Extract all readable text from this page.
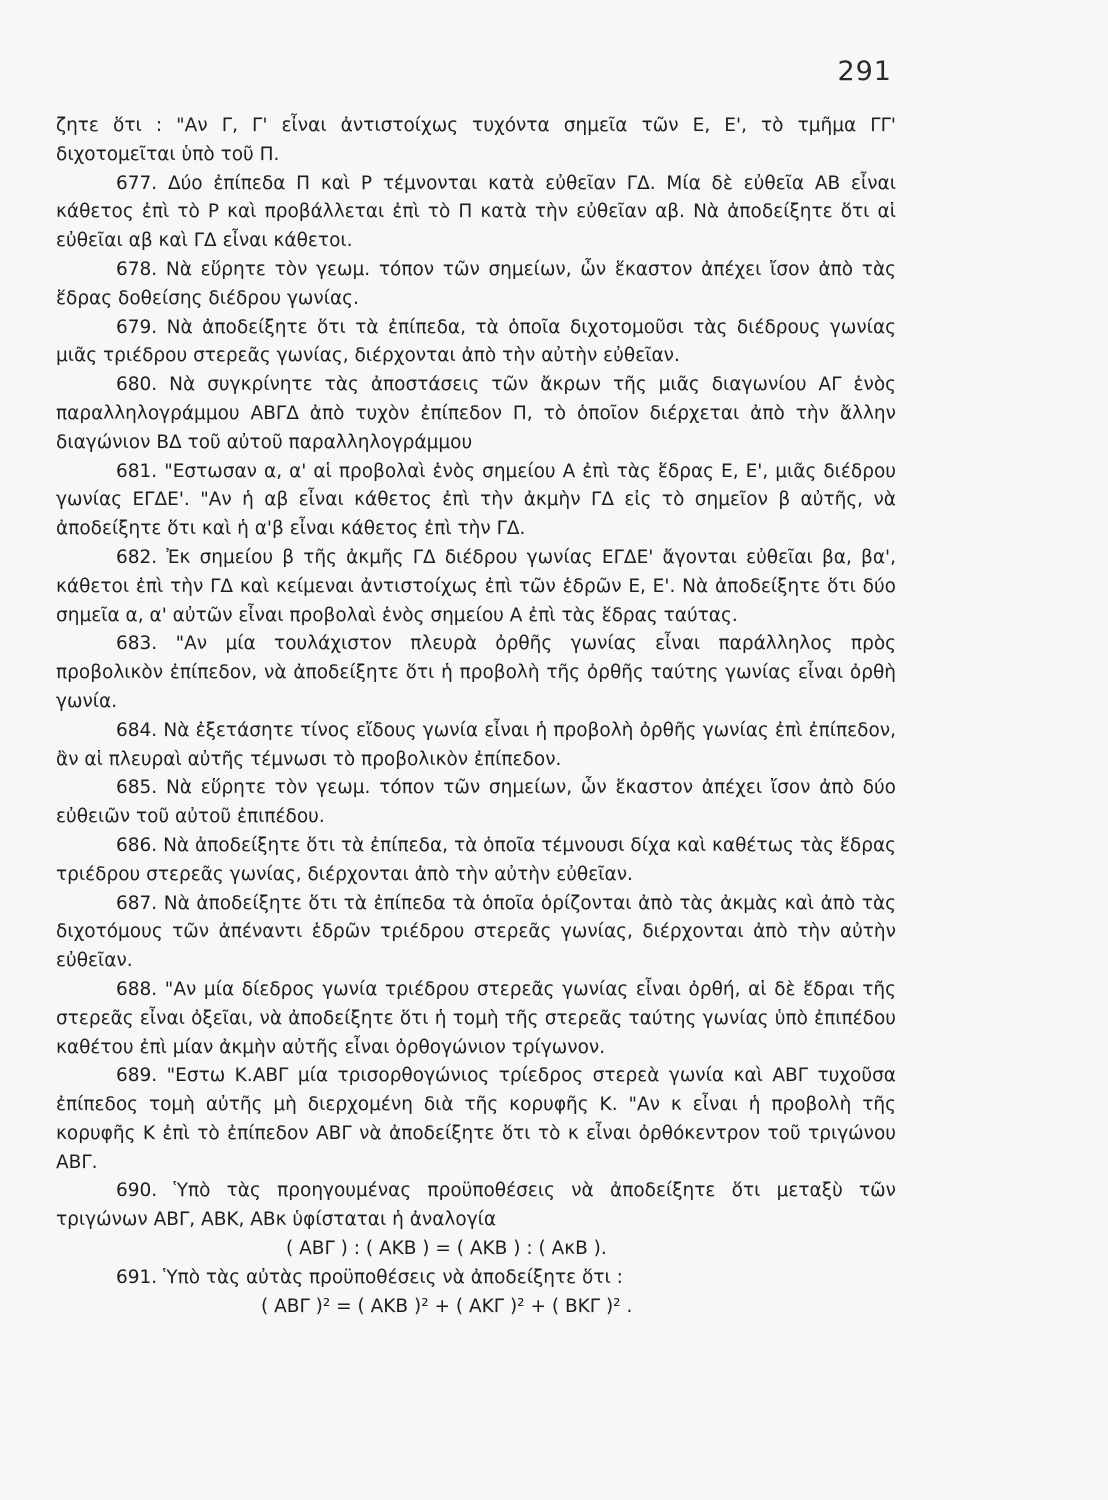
291

ζητε ὅτι : "Αν Γ, Γ' εἶναι ἀντιστοίχως τυχόντα σημεῖα τῶν Ε, Ε', τὸ τμῆμα ΓΓ' διχοτομεῖται ὑπὸ τοῦ Π.

677. Δύο ἐπίπεδα Π καὶ Ρ τέμνονται κατὰ εὐθεῖαν ΓΔ. Μία δὲ εὐθεῖα ΑΒ εἶναι κάθετος ἐπὶ τὸ Ρ καὶ προβάλλεται ἐπὶ τὸ Π κατὰ τὴν εὐθεῖαν αβ. Νὰ ἀποδείξητε ὅτι αἱ εὐθεῖαι αβ καὶ ΓΔ εἶναι κάθετοι.

678. Νὰ εὕρητε τὸν γεωμ. τόπον τῶν σημείων, ὧν ἕκαστον ἀπέχει ἴσον ἀπὸ τὰς ἕδρας δοθείσης διέδρου γωνίας.

679. Νὰ ἀποδείξητε ὅτι τὰ ἐπίπεδα, τὰ ὁποῖα διχοτομοῦσι τὰς διέδρους γωνίας μιᾶς τριέδρου στερεᾶς γωνίας, διέρχονται ἀπὸ τὴν αὐτὴν εὐθεῖαν.

680. Νὰ συγκρίνητε τὰς ἀποστάσεις τῶν ἄκρων τῆς μιᾶς διαγωνίου ΑΓ ἑνὸς παραλληλογράμμου ΑΒΓΔ ἀπὸ τυχὸν ἐπίπεδον Π, τὸ ὁποῖον διέρχεται ἀπὸ τὴν ἄλλην διαγώνιον ΒΔ τοῦ αὐτοῦ παραλληλογράμμου

681. "Εστωσαν α, α' αἱ προβολαὶ ἑνὸς σημείου Α ἐπὶ τὰς ἕδρας Ε, Ε', μιᾶς διέδρου γωνίας ΕΓΔΕ'. "Αν ἡ αβ εἶναι κάθετος ἐπὶ τὴν ἀκμὴν ΓΔ εἰς τὸ σημεῖον β αὐτῆς, νὰ ἀποδείξητε ὅτι καὶ ἡ α'β εἶναι κάθετος ἐπὶ τὴν ΓΔ.

682. Ἐκ σημείου β τῆς ἀκμῆς ΓΔ διέδρου γωνίας ΕΓΔΕ' ἄγονται εὐθεῖαι βα, βα', κάθετοι ἐπὶ τὴν ΓΔ καὶ κείμεναι ἀντιστοίχως ἐπὶ τῶν ἑδρῶν Ε, Ε'. Νὰ ἀποδείξητε ὅτι δύο σημεῖα α, α' αὐτῶν εἶναι προβολαὶ ἑνὸς σημείου Α ἐπὶ τὰς ἕδρας ταύτας.

683. "Αν μία τουλάχιστον πλευρὰ ὀρθῆς γωνίας εἶναι παράλληλος πρὸς προβολικὸν ἐπίπεδον, νὰ ἀποδείξητε ὅτι ἡ προβολὴ τῆς ὀρθῆς ταύτης γωνίας εἶναι ὀρθὴ γωνία.

684. Νὰ ἐξετάσητε τίνος εἴδους γωνία εἶναι ἡ προβολὴ ὀρθῆς γωνίας ἐπὶ ἐπίπεδον, ἂν αἱ πλευραὶ αὐτῆς τέμνωσι τὸ προβολικὸν ἐπίπεδον.

685. Νὰ εὕρητε τὸν γεωμ. τόπον τῶν σημείων, ὧν ἕκαστον ἀπέχει ἴσον ἀπὸ δύο εὐθειῶν τοῦ αὐτοῦ ἐπιπέδου.

686. Νὰ ἀποδείξητε ὅτι τὰ ἐπίπεδα, τὰ ὁποῖα τέμνουσι δίχα καὶ καθέτως τὰς ἕδρας τριέδρου στερεᾶς γωνίας, διέρχονται ἀπὸ τὴν αὐτὴν εὐθεῖαν.

687. Νὰ ἀποδείξητε ὅτι τὰ ἐπίπεδα τὰ ὁποῖα ὁρίζονται ἀπὸ τὰς ἀκμὰς καὶ ἀπὸ τὰς διχοτόμους τῶν ἀπέναντι ἑδρῶν τριέδρου στερεᾶς γωνίας, διέρχονται ἀπὸ τὴν αὐτὴν εὐθεῖαν.

688. "Αν μία δίεδρος γωνία τριέδρου στερεᾶς γωνίας εἶναι ὀρθή, αἱ δὲ ἕδραι τῆς στερεᾶς εἶναι ὀξεῖαι, νὰ ἀποδείξητε ὅτι ἡ τομὴ τῆς στερεᾶς ταύτης γωνίας ὑπὸ ἐπιπέδου καθέτου ἐπὶ μίαν ἀκμὴν αὐτῆς εἶναι ὀρθογώνιον τρίγωνον.

689. "Εστω Κ.ΑΒΓ μία τρισορθογώνιος τρίεδρος στερεὰ γωνία καὶ ΑΒΓ τυχοῦσα ἐπίπεδος τομὴ αὐτῆς μὴ διερχομένη διὰ τῆς κορυφῆς Κ. "Αν κ εἶναι ἡ προβολὴ τῆς κορυφῆς Κ ἐπὶ τὸ ἐπίπεδον ΑΒΓ νὰ ἀποδείξητε ὅτι τὸ κ εἶναι ὀρθόκεντρον τοῦ τριγώνου ΑΒΓ.

690. Ὑπὸ τὰς προηγουμένας προϋποθέσεις νὰ ἀποδείξητε ὅτι μεταξὺ τῶν τριγώνων ΑΒΓ, ΑΒΚ, ΑΒκ ὑφίσταται ἡ ἀναλογία

( ΑΒΓ ) : ( ΑΚΒ ) = ( ΑΚΒ ) : ( ΑκΒ ).

691. Ὑπὸ τὰς αὐτὰς προϋποθέσεις νὰ ἀποδείξητε ὅτι :

( ΑΒΓ )² = ( ΑΚΒ )² + ( ΑΚΓ )² + ( ΒΚΓ )² .
